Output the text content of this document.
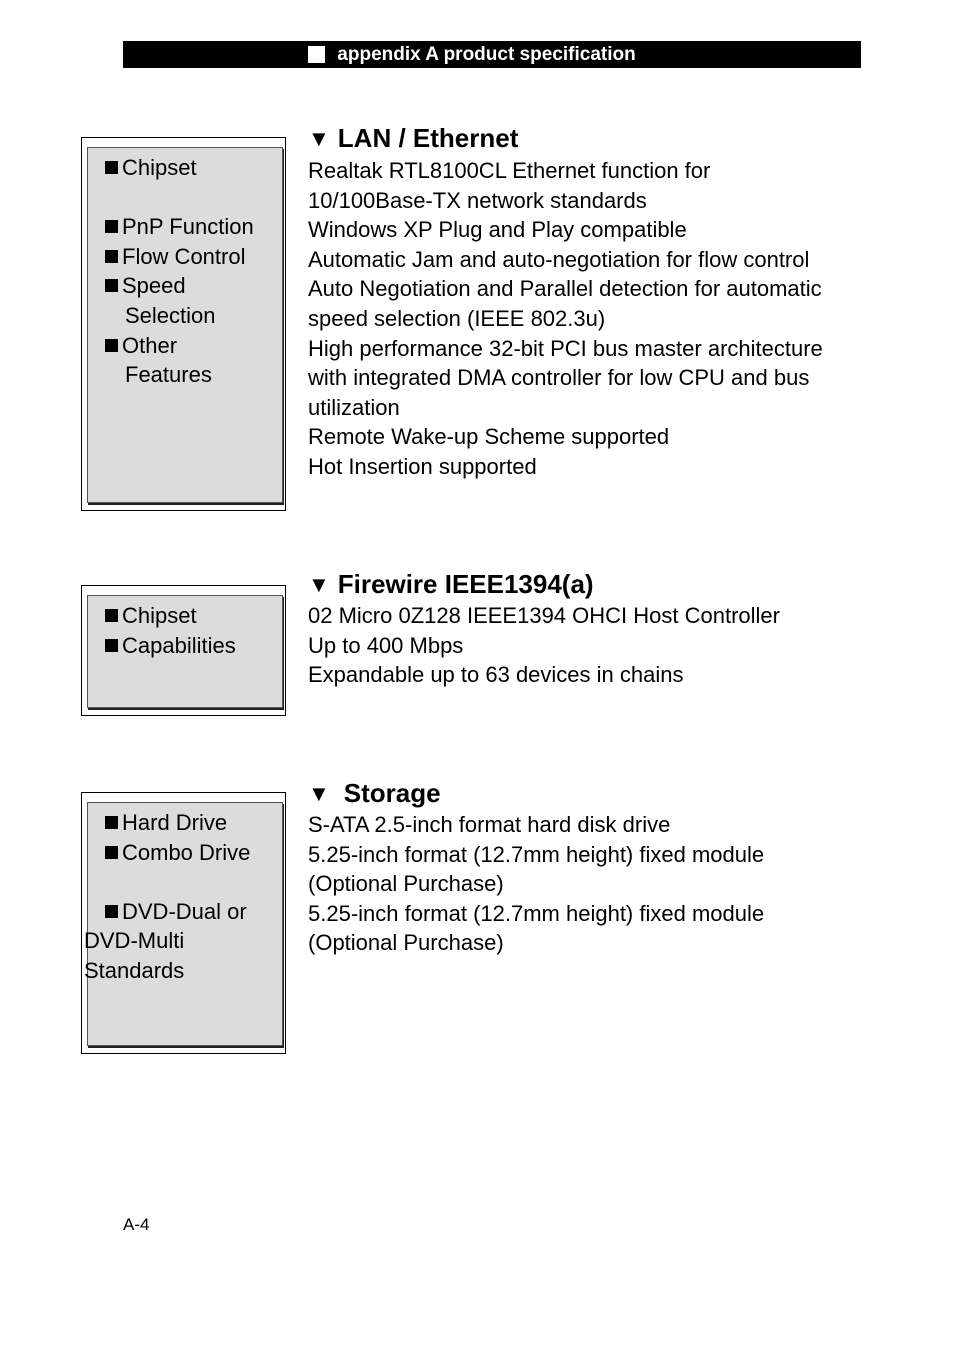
appendix A product specification
Chipset
PnP Function
Flow Control
Speed
Selection
Other
Features
▼ LAN / Ethernet
Realtak RTL8100CL Ethernet function for
10/100Base-TX network standards
Windows XP Plug and Play compatible
Automatic Jam and auto-negotiation for flow control
Auto Negotiation and Parallel detection for automatic
speed selection (IEEE 802.3u)
High performance 32-bit PCI bus master architecture
with integrated DMA controller for low CPU and bus
utilization
Remote Wake-up Scheme supported
Hot Insertion supported
Chipset
Capabilities
▼ Firewire IEEE1394(a)
02 Micro 0Z128 IEEE1394 OHCI Host Controller
Up to 400 Mbps
Expandable up to 63 devices in chains
Hard Drive
Combo Drive
DVD-Dual or
DVD-Multi
Standards
▼ Storage
S-ATA 2.5-inch format hard disk drive
5.25-inch format (12.7mm height) fixed module
(Optional Purchase)
5.25-inch format (12.7mm height) fixed module
(Optional Purchase)
A-4
